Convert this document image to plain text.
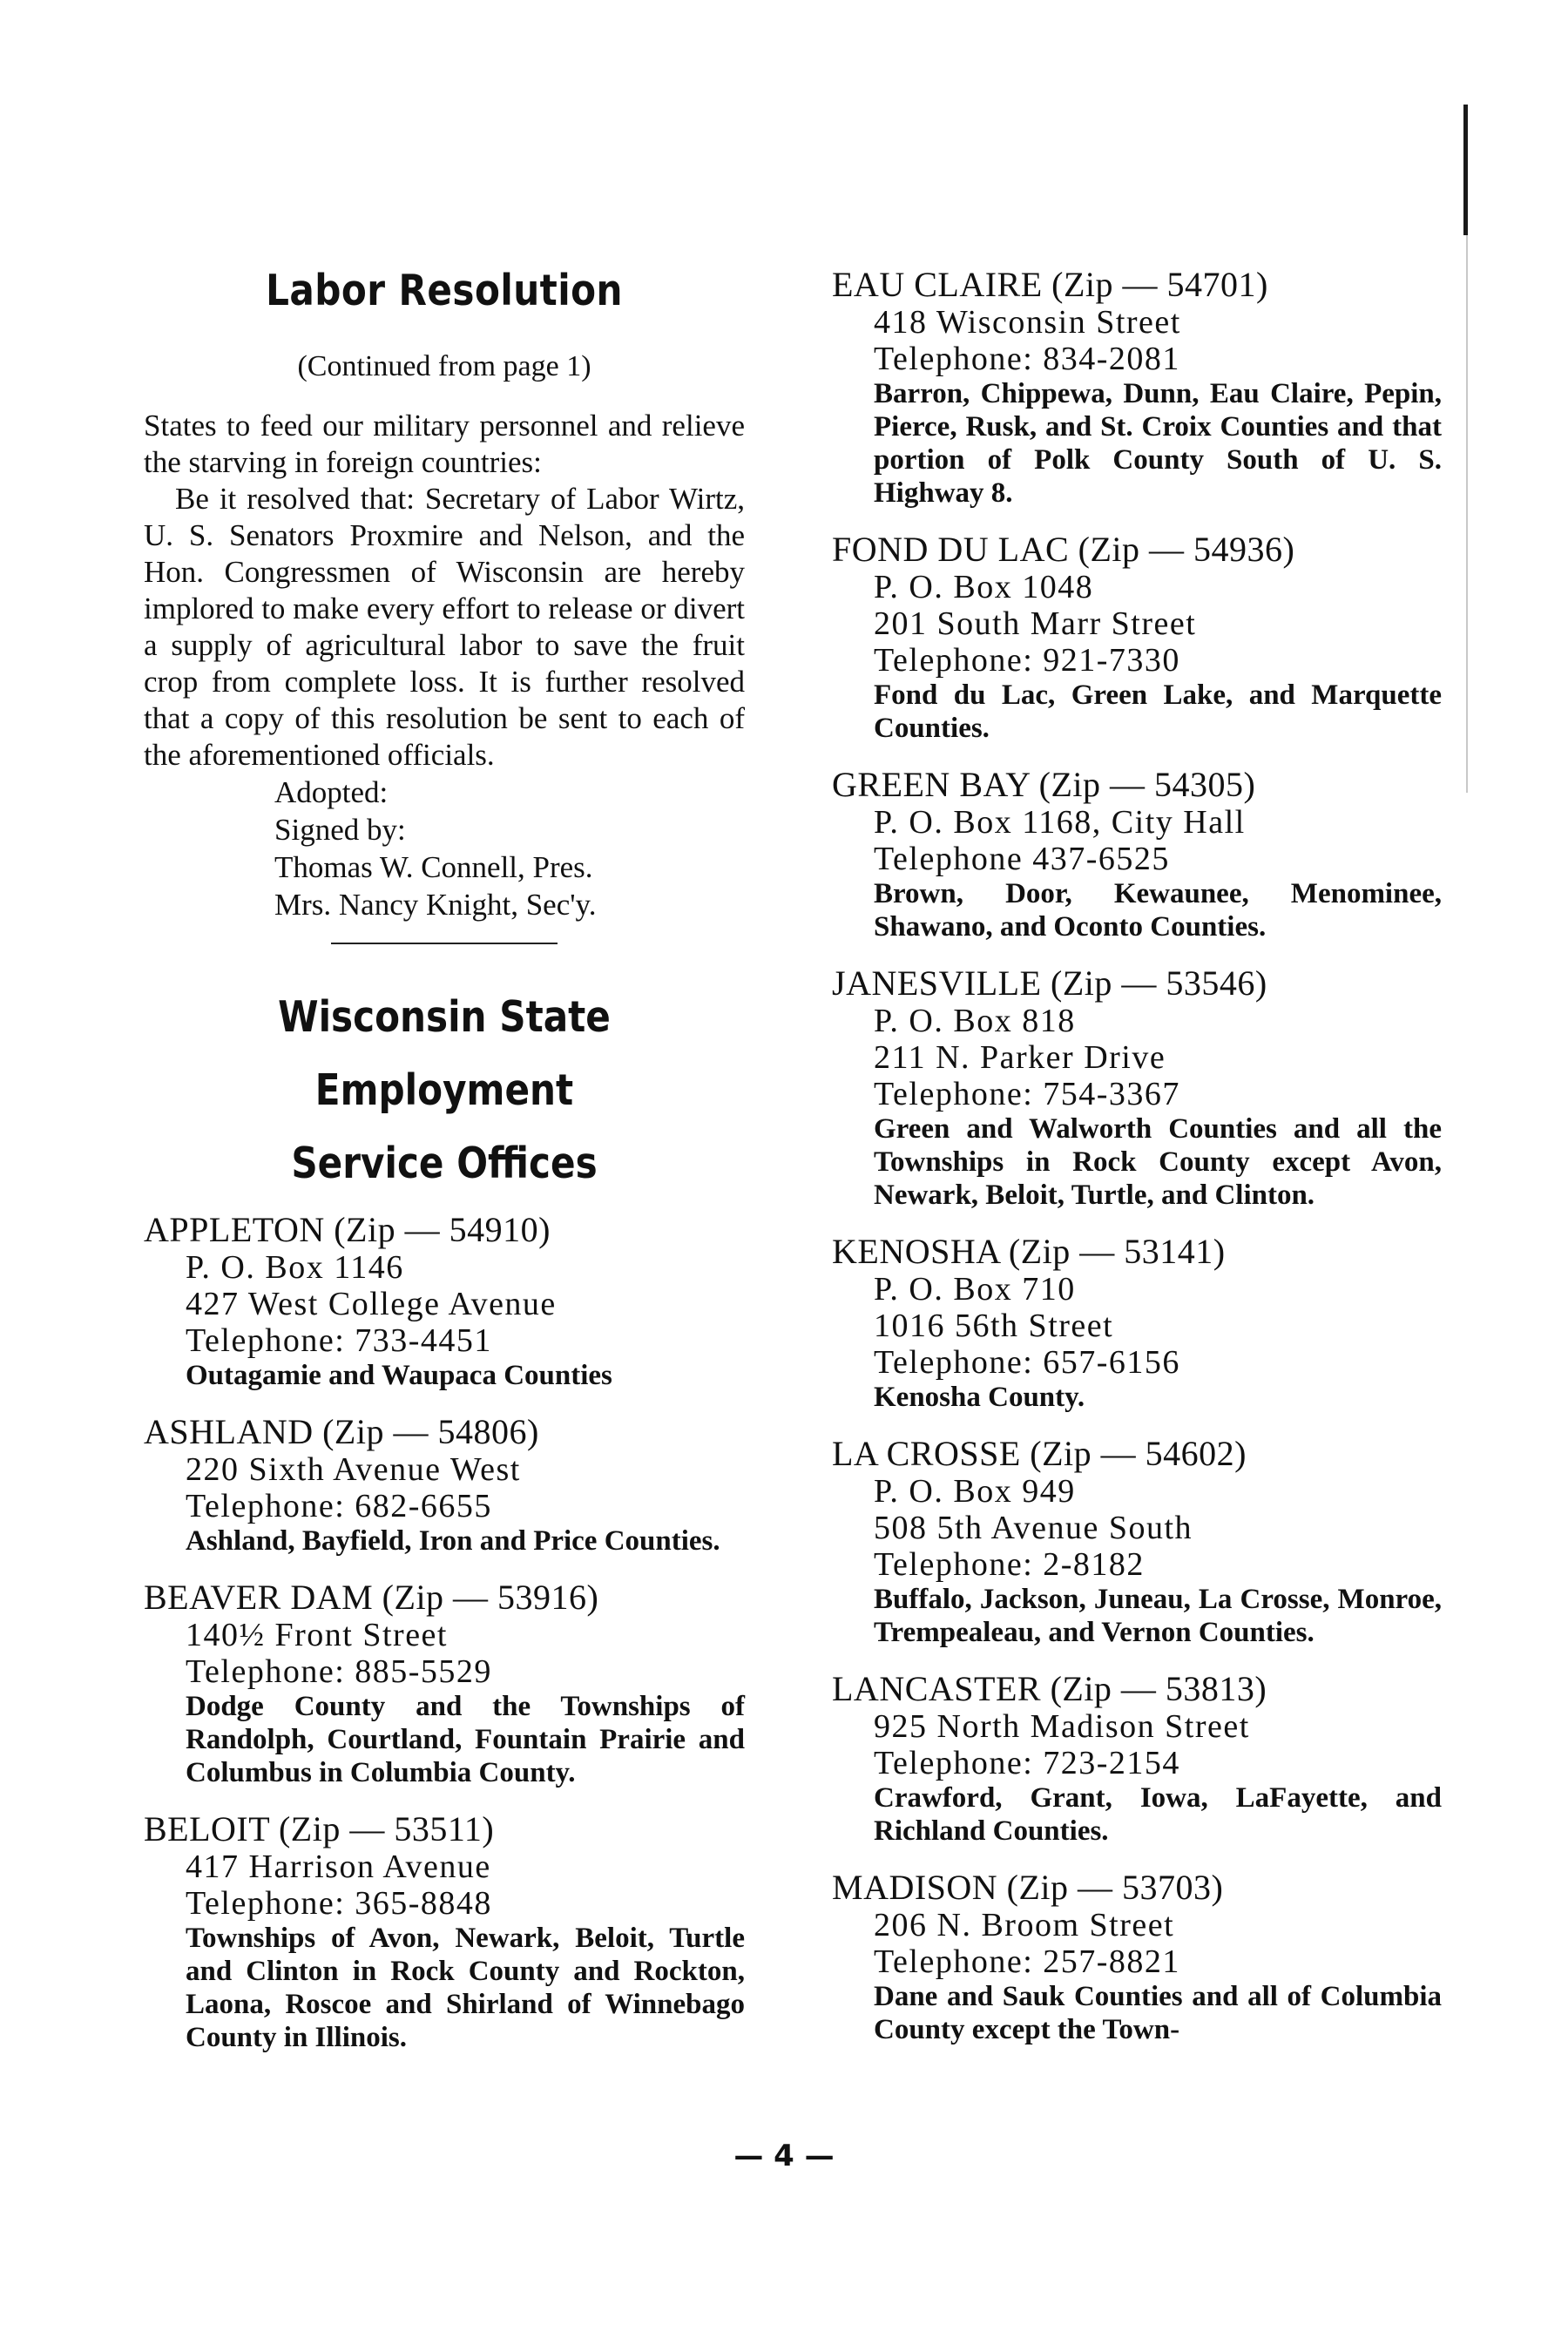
Labor Resolution
(Continued from page 1)

States to feed our military personnel and relieve the starving in foreign countries:

Be it resolved that: Secretary of Labor Wirtz, U. S. Senators Proxmire and Nelson, and the Hon. Congressmen of Wisconsin are hereby implored to make every effort to release or divert a supply of agricultural labor to save the fruit crop from complete loss. It is further resolved that a copy of this resolution be sent to each of the aforementioned officials.

Adopted:
Signed by:
Thomas W. Connell, Pres.
Mrs. Nancy Knight, Sec'y.
Wisconsin State Employment
Service Offices
APPLETON (Zip — 54910)
P. O. Box 1146
427 West College Avenue
Telephone: 733-4451
Outagamie and Waupaca Counties
ASHLAND (Zip — 54806)
220 Sixth Avenue West
Telephone: 682-6655
Ashland, Bayfield, Iron and Price Counties.
BEAVER DAM (Zip — 53916)
140½ Front Street
Telephone: 885-5529
Dodge County and the Townships of Randolph, Courtland, Fountain Prairie and Columbus in Columbia County.
BELOIT (Zip — 53511)
417 Harrison Avenue
Telephone: 365-8848
Townships of Avon, Newark, Beloit, Turtle and Clinton in Rock County and Rockton, Laona, Roscoe and Shirland of Winnebago County in Illinois.
EAU CLAIRE (Zip — 54701)
418 Wisconsin Street
Telephone: 834-2081
Barron, Chippewa, Dunn, Eau Claire, Pepin, Pierce, Rusk, and St. Croix Counties and that portion of Polk County South of U. S. Highway 8.
FOND DU LAC (Zip — 54936)
P. O. Box 1048
201 South Marr Street
Telephone: 921-7330
Fond du Lac, Green Lake, and Marquette Counties.
GREEN BAY (Zip — 54305)
P. O. Box 1168, City Hall
Telephone 437-6525
Brown, Door, Kewaunee, Menominee, Shawano, and Oconto Counties.
JANESVILLE (Zip — 53546)
P. O. Box 818
211 N. Parker Drive
Telephone: 754-3367
Green and Walworth Counties and all the Townships in Rock County except Avon, Newark, Beloit, Turtle, and Clinton.
KENOSHA (Zip — 53141)
P. O. Box 710
1016 56th Street
Telephone: 657-6156
Kenosha County.
LA CROSSE (Zip — 54602)
P. O. Box 949
508 5th Avenue South
Telephone: 2-8182
Buffalo, Jackson, Juneau, La Crosse, Monroe, Trempealeau, and Vernon Counties.
LANCASTER (Zip — 53813)
925 North Madison Street
Telephone: 723-2154
Crawford, Grant, Iowa, LaFayette, and Richland Counties.
MADISON (Zip — 53703)
206 N. Broom Street
Telephone: 257-8821
Dane and Sauk Counties and all of Columbia County except the Town-
— 4 —
